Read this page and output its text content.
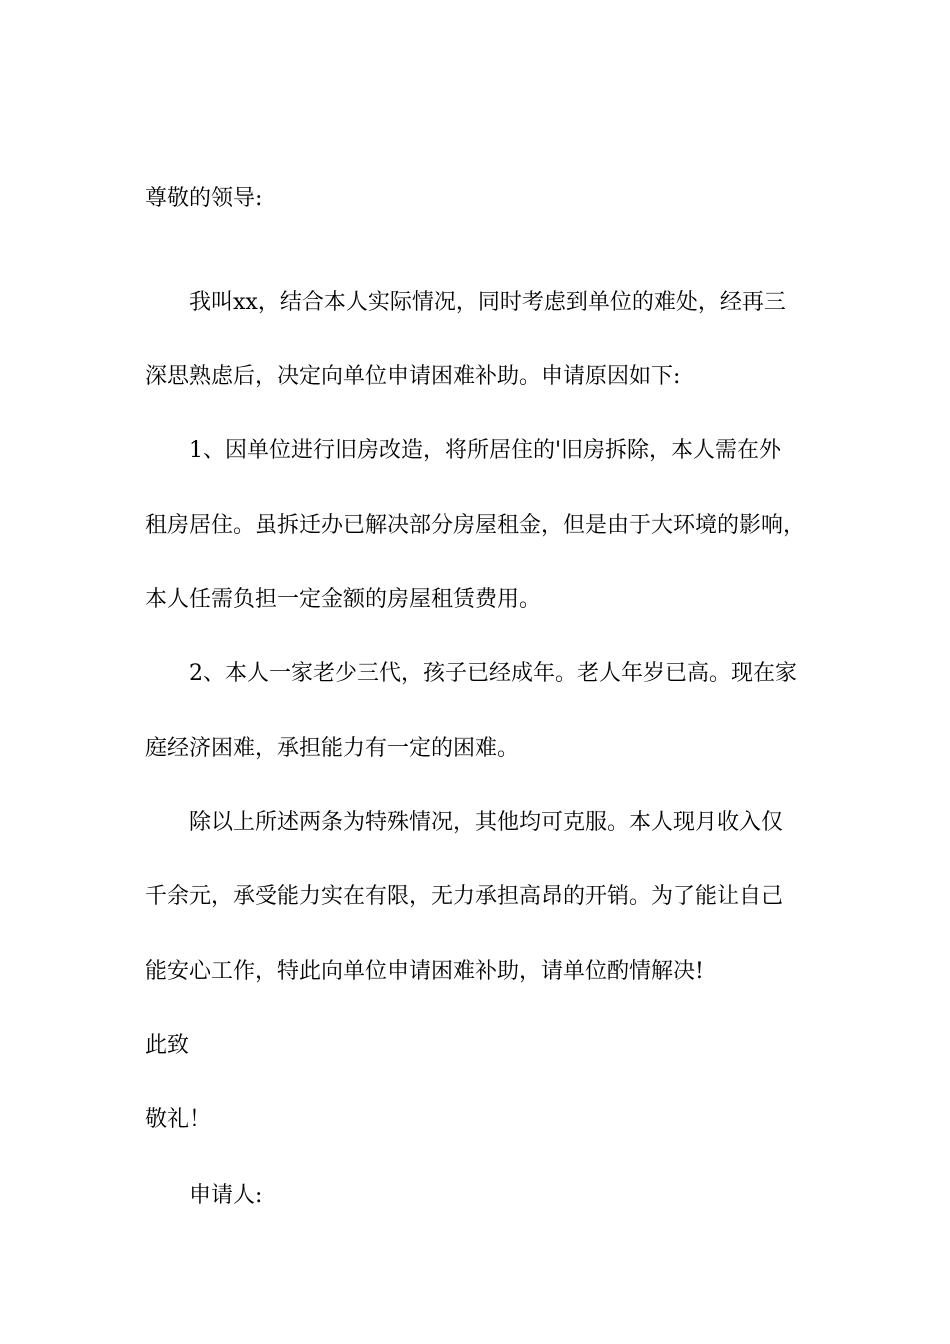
尊敬的领导:
我叫xx，结合本人实际情况，同时考虑到单位的难处，经再三
深思熟虑后，决定向单位申请困难补助。申请原因如下:
1、因单位进行旧房改造，将所居住的'旧房拆除，本人需在外
租房居住。虽拆迁办已解决部分房屋租金，但是由于大环境的影响，
本人任需负担一定金额的房屋租赁费用。
2、本人一家老少三代，孩子已经成年。老人年岁已高。现在家
庭经济困难，承担能力有一定的困难。
除以上所述两条为特殊情况，其他均可克服。本人现月收入仅
千余元，承受能力实在有限，无力承担高昂的开销。为了能让自己
能安心工作，特此向单位申请困难补助，请单位酌情解决!
此致
敬礼！
申请人:
